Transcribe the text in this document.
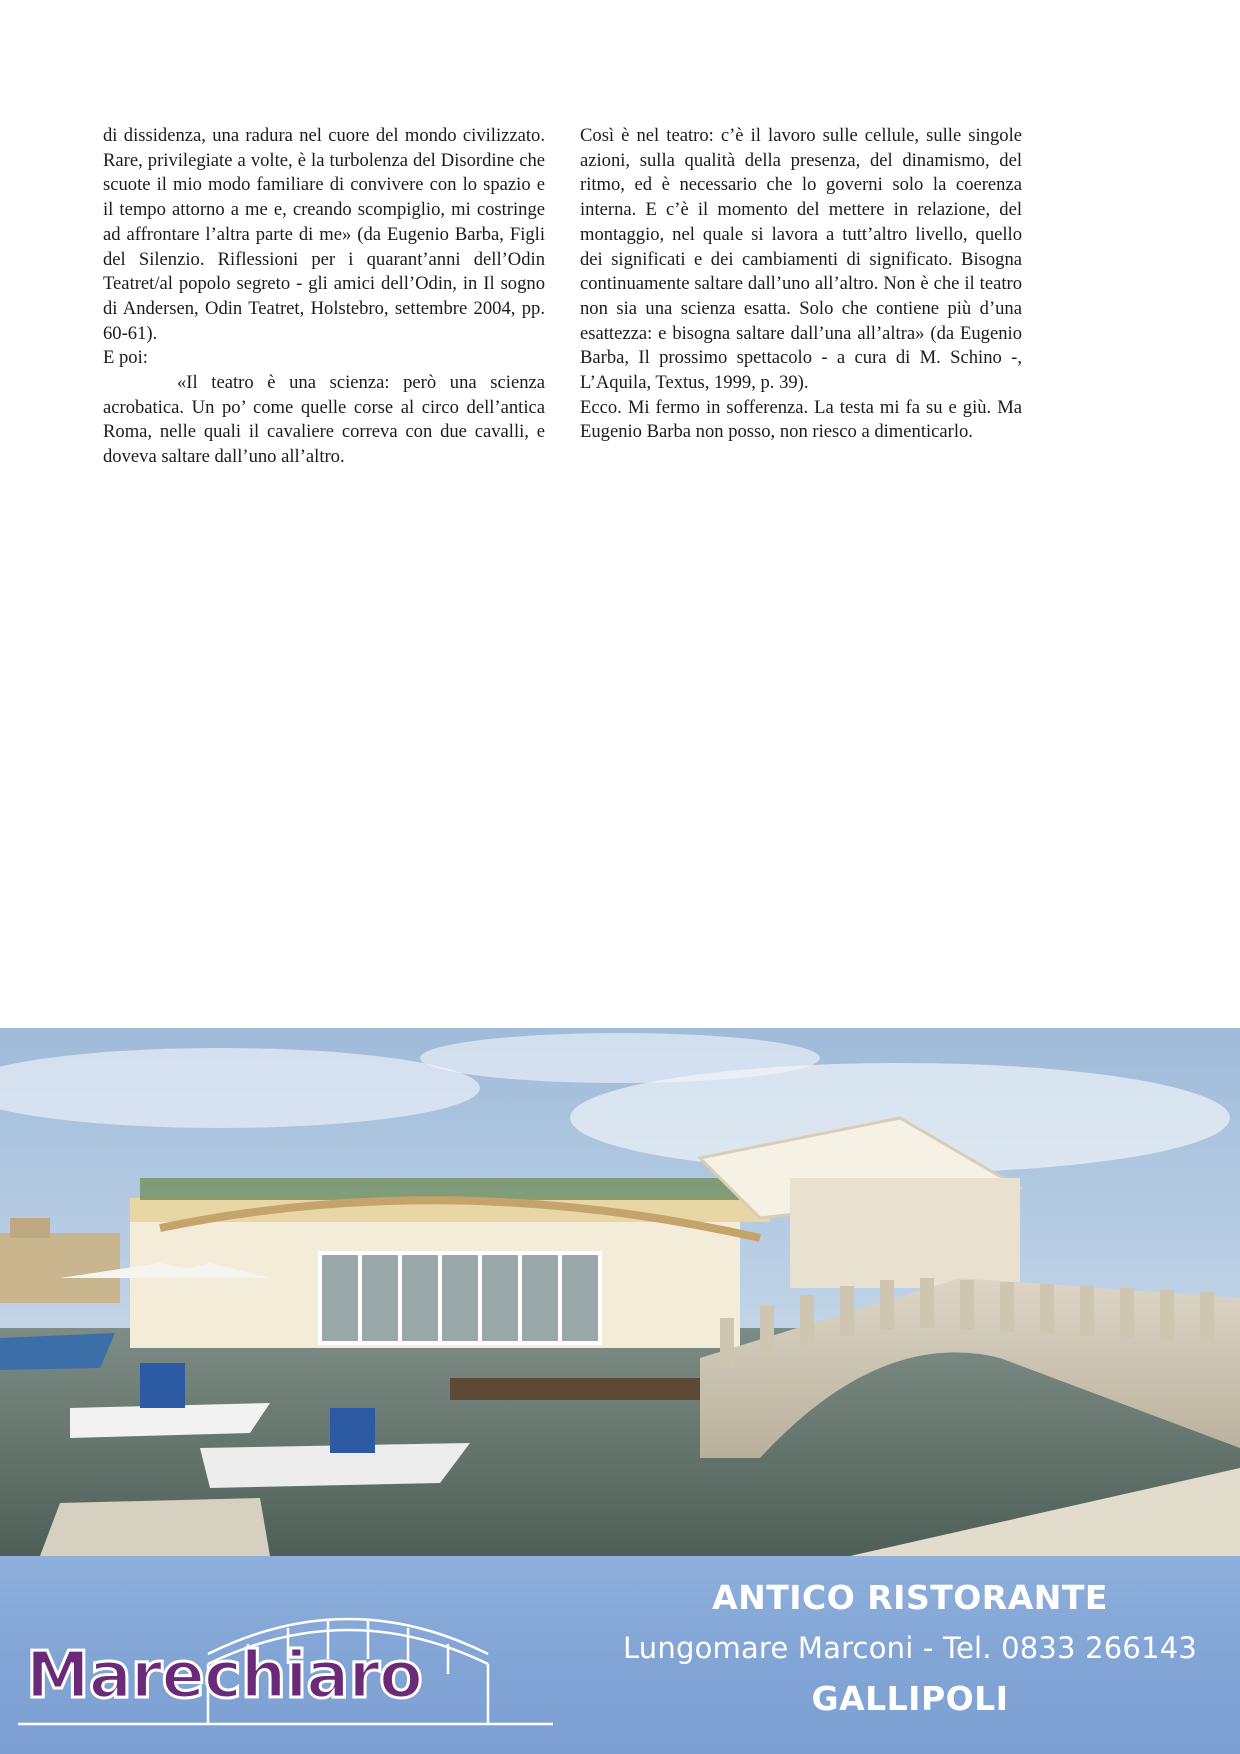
di dissidenza, una radura nel cuore del mondo civilizzato. Rare, privilegiate a volte, è la turbolenza del Disordine che scuote il mio modo familiare di convivere con lo spazio e il tempo attorno a me e, creando scompiglio, mi costringe ad affrontare l’altra parte di me» (da Eugenio Barba, Figli del Silenzio. Riflessioni per i quarant’anni dell’Odin Teatret/al popolo segreto - gli amici dell’Odin, in Il sogno di Andersen, Odin Teatret, Holstebro, settembre 2004, pp. 60-61).

E poi:

«Il teatro è una scienza: però una scienza acrobatica. Un po’ come quelle corse al circo dell’antica Roma, nelle quali il cavaliere correva con due cavalli, e doveva saltare dall’uno all’altro.

Così è nel teatro: c’è il lavoro sulle cellule, sulle singole azioni, sulla qualità della presenza, del dinamismo, del ritmo, ed è necessario che lo governi solo la coerenza interna. E c’è il momento del mettere in relazione, del montaggio, nel quale si lavora a tutt’altro livello, quello dei significati e dei cambiamenti di significato. Bisogna continuamente saltare dall’uno all’altro. Non è che il teatro non sia una scienza esatta. Solo che contiene più d’una esattezza: e bisogna saltare dall’una all’altra» (da Eugenio Barba, Il prossimo spettacolo - a cura di M. Schino -, L’Aquila, Textus, 1999, p. 39).

Ecco. Mi fermo in sofferenza. La testa mi fa su e giù. Ma Eugenio Barba non posso, non riesco a dimenticarlo.

Marechiaro
ANTICO RISTORANTE
Lungomare Marconi - Tel. 0833 266143
GALLIPOLI
